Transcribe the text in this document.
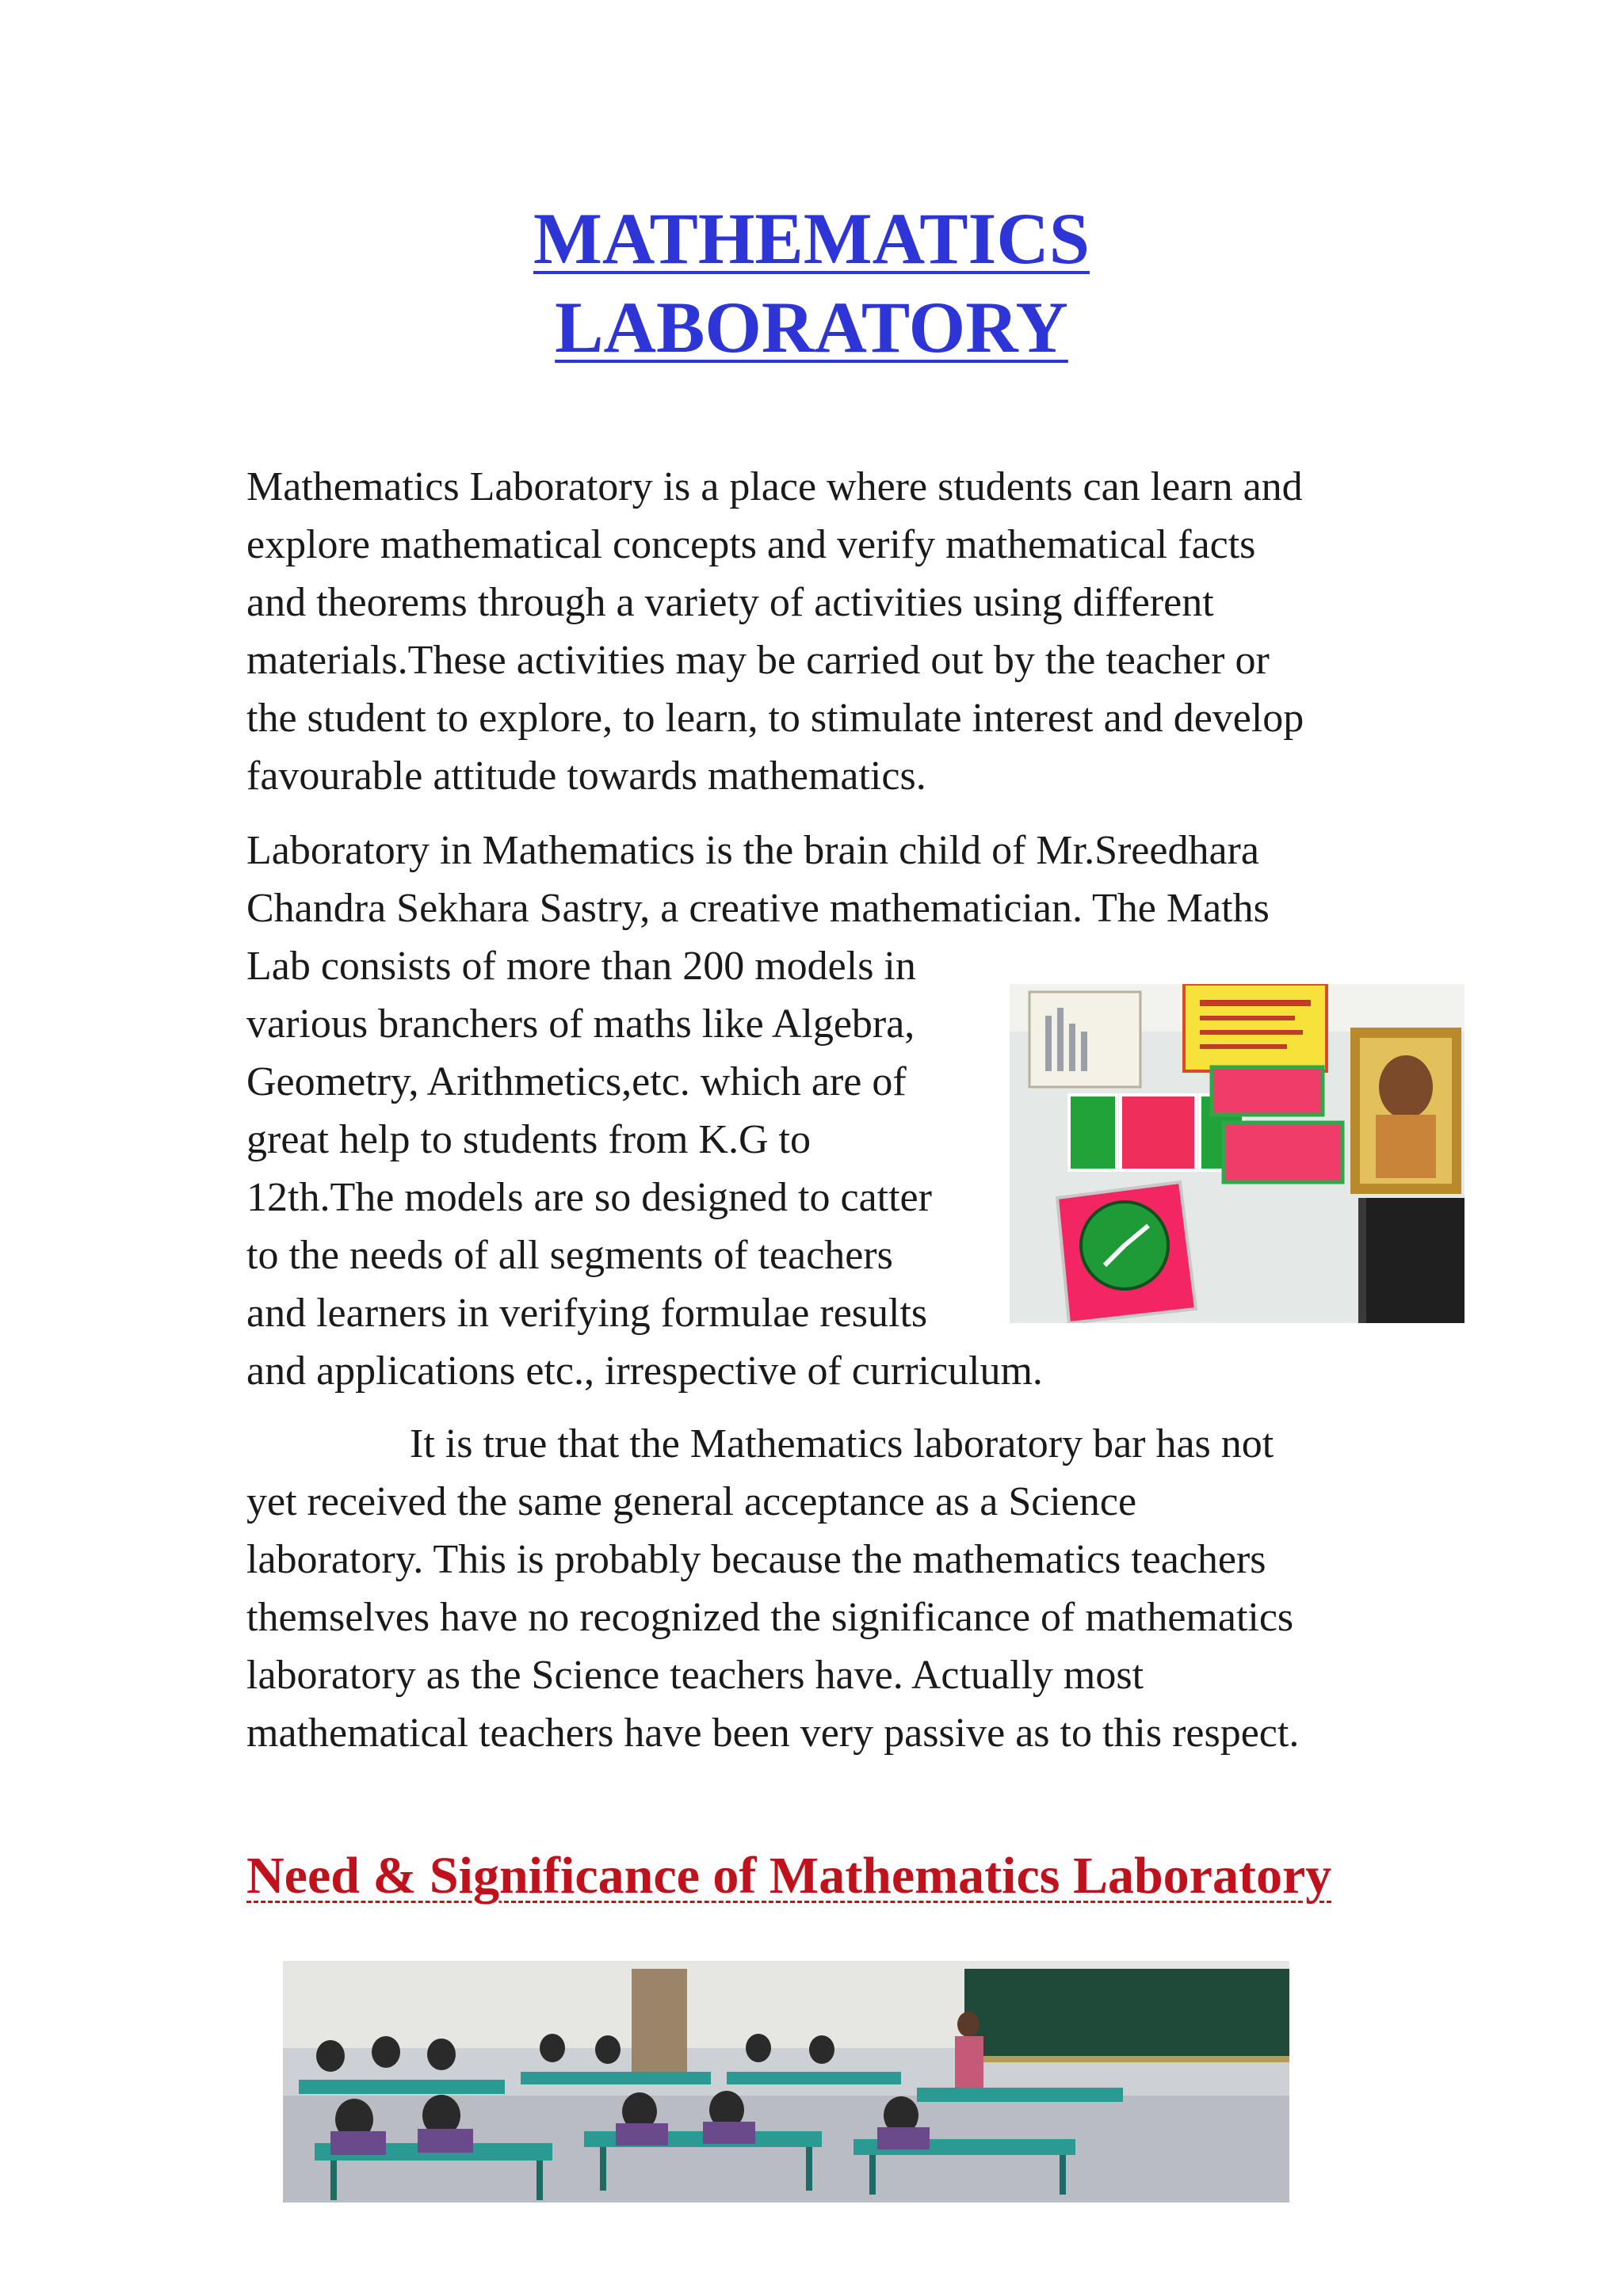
MATHEMATICS
LABORATORY

Mathematics Laboratory is a place where students can learn and
explore mathematical concepts and verify mathematical facts
and theorems through a variety of activities using different
materials.These activities may be carried out by the teacher or
the student to explore, to learn, to stimulate interest and develop
favourable attitude towards mathematics.

Laboratory in Mathematics is the brain child of Mr.Sreedhara
Chandra Sekhara Sastry, a creative mathematician. The Maths
Lab consists of more than 200 models in
various branchers of maths like Algebra,
Geometry, Arithmetics,etc. which are of
great help to students from K.G to
12th.The models are so designed to catter
to the needs of all segments of teachers
and learners in verifying formulae results
and applications etc., irrespective of curriculum.

It is true that the Mathematics laboratory bar has not
yet received the same general acceptance as a Science
laboratory. This is probably because the mathematics teachers
themselves have no recognized the significance of mathematics
laboratory as the Science teachers have. Actually most
mathematical teachers have been very passive as to this respect.

Need & Significance of Mathematics Laboratory
